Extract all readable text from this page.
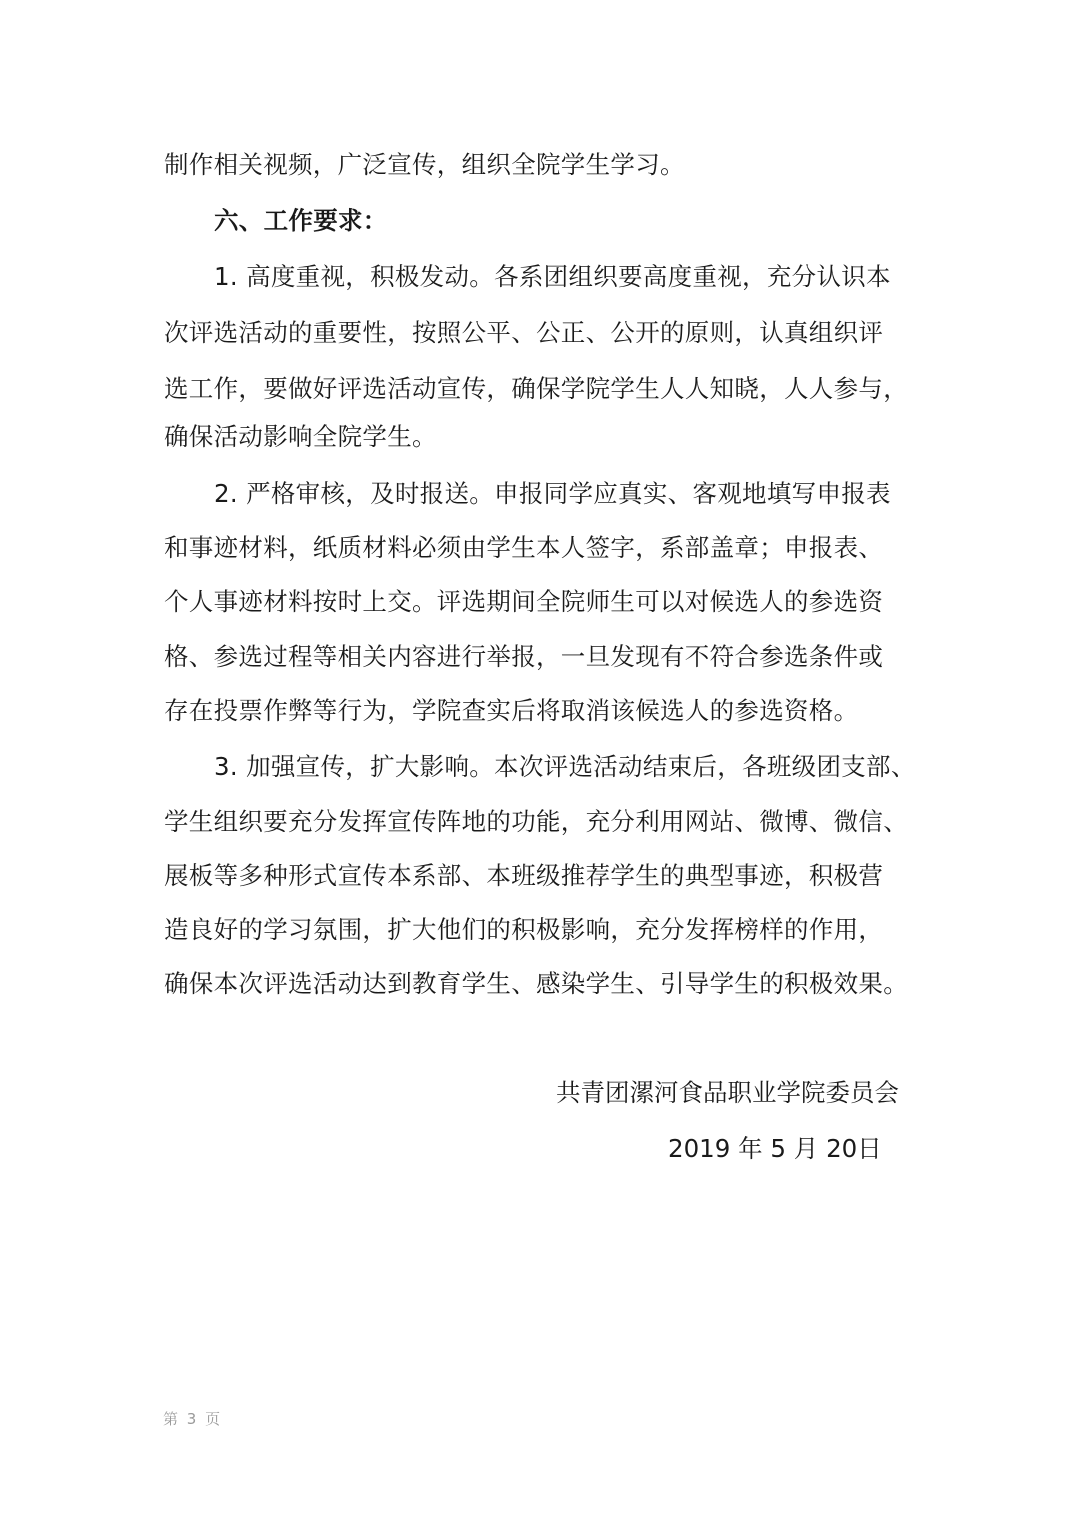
制作相关视频，广泛宣传，组织全院学生学习。
六、工作要求：
1. 高度重视，积极发动。各系团组织要高度重视，充分认识本
次评选活动的重要性，按照公平、公正、公开的原则，认真组织评
选工作，要做好评选活动宣传，确保学院学生人人知晓，人人参与，
确保活动影响全院学生。
2. 严格审核，及时报送。申报同学应真实、客观地填写申报表
和事迹材料，纸质材料必须由学生本人签字，系部盖章；申报表、
个人事迹材料按时上交。评选期间全院师生可以对候选人的参选资
格、参选过程等相关内容进行举报，一旦发现有不符合参选条件或
存在投票作弊等行为，学院查实后将取消该候选人的参选资格。
3. 加强宣传，扩大影响。本次评选活动结束后，各班级团支部、
学生组织要充分发挥宣传阵地的功能，充分利用网站、微博、微信、
展板等多种形式宣传本系部、本班级推荐学生的典型事迹，积极营
造良好的学习氛围，扩大他们的积极影响，充分发挥榜样的作用，
确保本次评选活动达到教育学生、感染学生、引导学生的积极效果。
共青团漯河食品职业学院委员会
2019 年 5 月 20日
第 3 页
